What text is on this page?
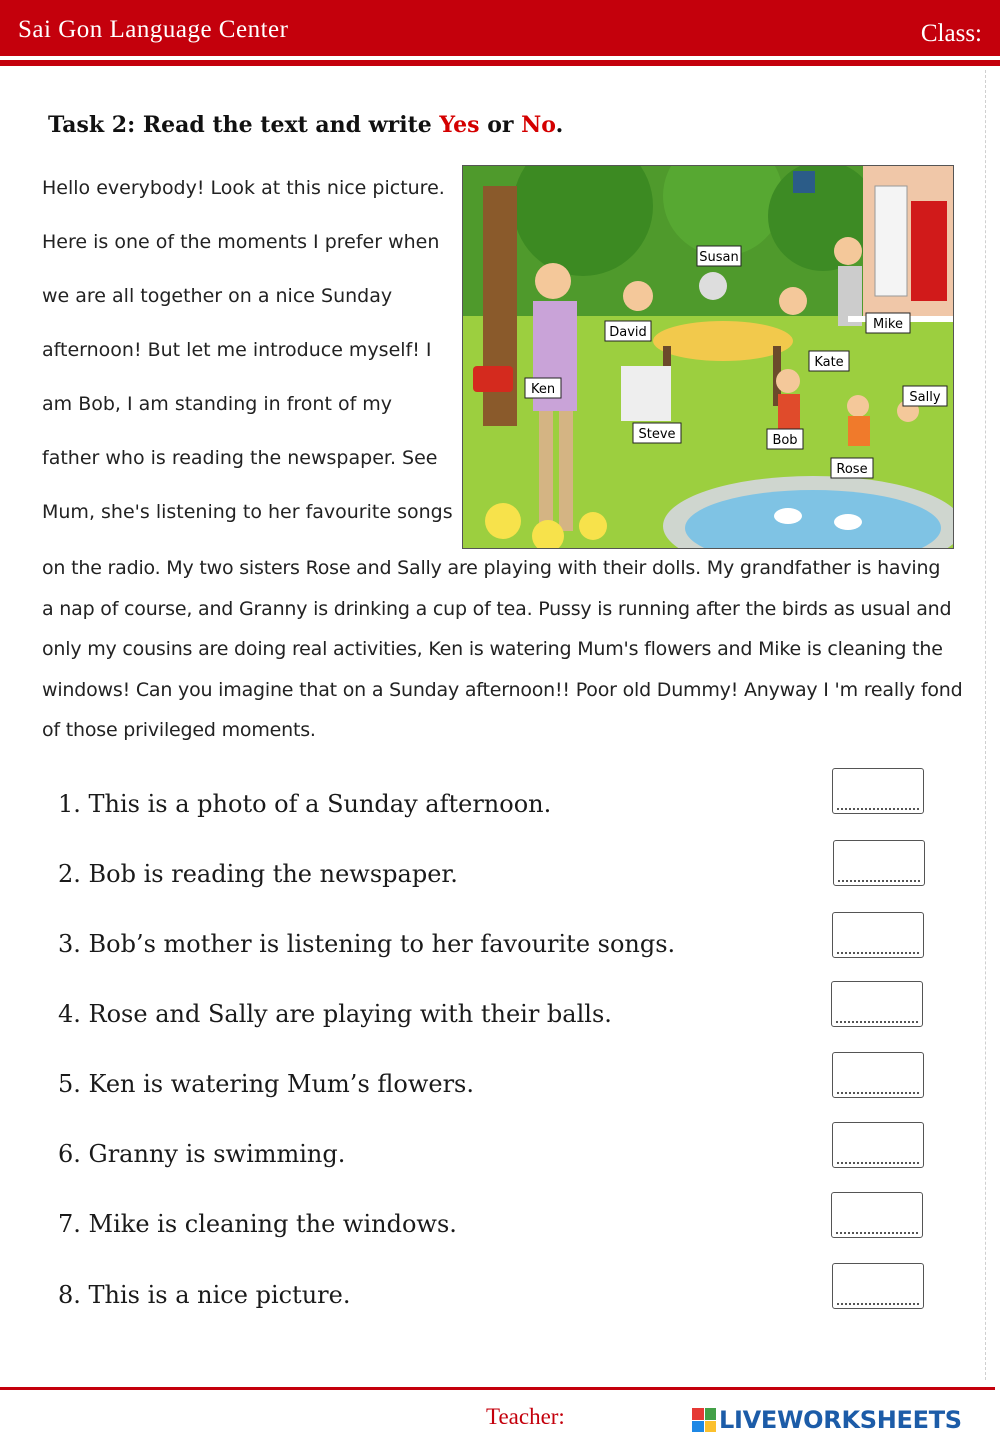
Sai Gon Language Center	Class:
Task 2: Read the text and write Yes or No.
Hello everybody! Look at this nice picture.
Here is one of the moments I prefer when
we are all together on a nice Sunday
afternoon! But let me introduce myself! I
am Bob, I am standing in front of my
father who is reading the newspaper. See
Mum, she's listening to her favourite songs
Susan
David
Mike
Kate
Ken
Sally
Steve	Bob
Rose
on the radio. My two sisters Rose and Sally are playing with their dolls. My grandfather is having
a nap of course, and Granny is drinking a cup of tea. Pussy is running after the birds as usual and
only my cousins are doing real activities, Ken is watering Mum's flowers and Mike is cleaning the
windows! Can you imagine that on a Sunday afternoon!! Poor old Dummy! Anyway I 'm really fond
of those privileged moments.
1. This is a photo of a Sunday afternoon.
2. Bob is reading the newspaper.
3. Bob’s mother is listening to her favourite songs.
4. Rose and Sally are playing with their balls.
5. Ken is watering Mum’s flowers.
6. Granny is swimming.
7. Mike is cleaning the windows.
8. This is a nice picture.
Teacher:	LIVEWORKSHEETS
